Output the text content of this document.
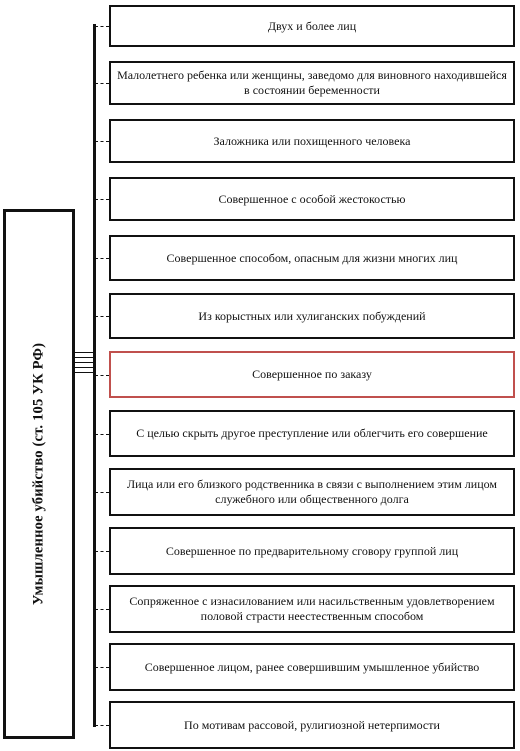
Умышленное убийство (ст. 105 УК РФ)
Двух и более лиц
Малолетнего ребенка или женщины, заведомо для виновного находившейся в состоянии беременности
Заложника или похищенного человека
Совершенное с особой жестокостью
Совершенное способом, опасным для жизни многих лиц
Из корыстных или хулиганских побуждений
Совершенное по заказу
С целью скрыть другое преступление или облегчить его совершение
Лица или его близкого родственника в связи с выполнением этим лицом служебного или общественного долга
Совершенное по предварительному сговору группой лиц
Сопряженное с изнасилованием или насильственным удовлетворением половой страсти неестественным способом
Совершенное лицом, ранее совершившим умышленное убийство
По мотивам рассовой, рулигиозной нетерпимости
